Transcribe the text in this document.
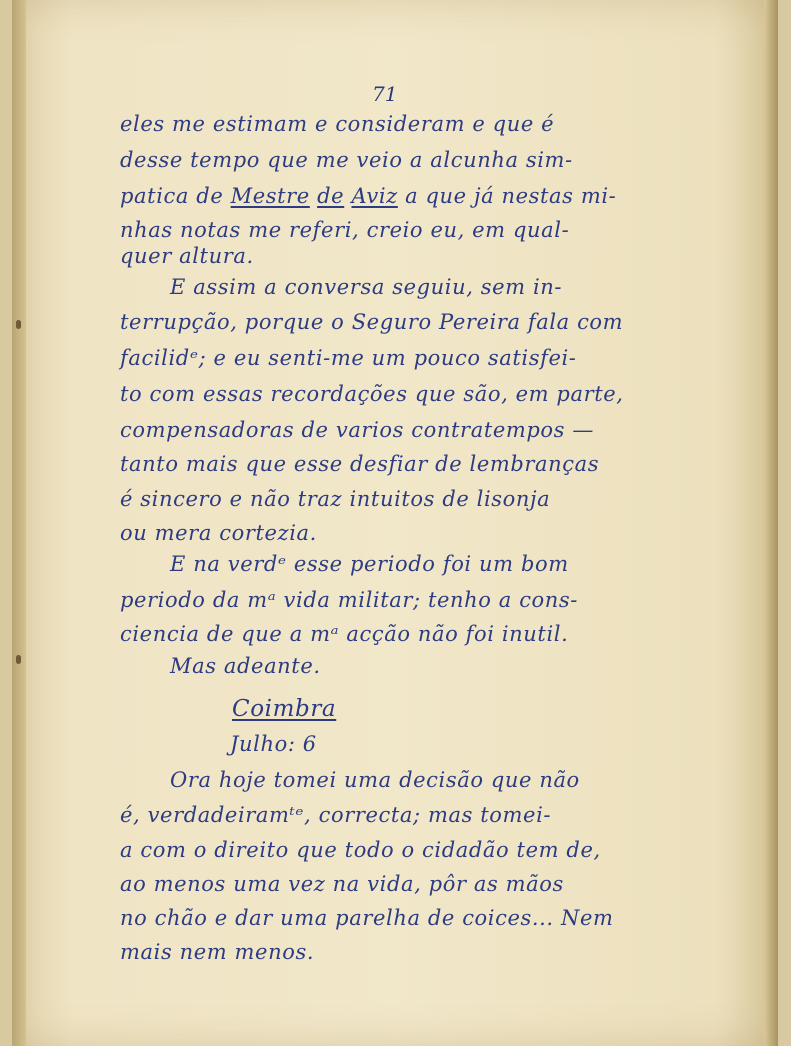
71
eles me estimam e consideram e que é
desse tempo que me veio a alcunha sim-
patica de Mestre de Aviz a que já nestas mi-
nhas notas me referi, creio eu, em qual-
quer altura.
E assim a conversa seguiu, sem in-
terrupção, porque o Seguro Pereira fala com
facilidᵉ; e eu senti-me um pouco satisfei-
to com essas recordações que são, em parte,
compensadoras de varios contratempos —
tanto mais que esse desfiar de lembranças
é sincero e não traz intuitos de lisonja
ou mera cortezia.
E na verdᵉ esse periodo foi um bom
periodo da mᵃ vida militar; tenho a cons-
ciencia de que a mᵃ acção não foi inutil.
Mas adeante.
Coimbra
Julho: 6
Ora hoje tomei uma decisão que não
é, verdadeiramᵗᵉ, correcta; mas tomei-
a com o direito que todo o cidadão tem de,
ao menos uma vez na vida, pôr as mãos
no chão e dar uma parelha de coices... Nem
mais nem menos.
